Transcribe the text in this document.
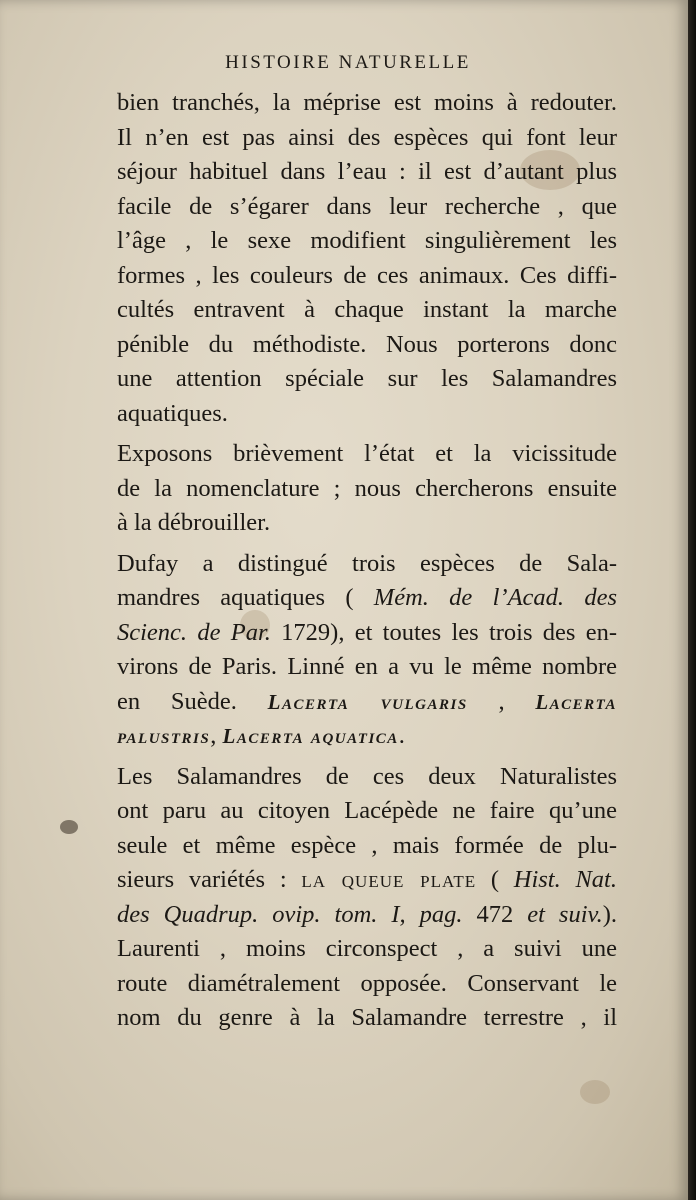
HISTOIRE NATURELLE
bien tranchés, la méprise est moins à redouter.
Il n’en est pas ainsi des espèces qui font leur
séjour habituel dans l’eau : il est d’autant plus
facile de s’égarer dans leur recherche , que
l’âge , le sexe modifient singulièrement les
formes , les couleurs de ces animaux. Ces diffi-
cultés entravent à chaque instant la marche
pénible du méthodiste. Nous porterons donc
une attention spéciale sur les Salamandres
aquatiques.
Exposons brièvement l’état et la vicissitude
de la nomenclature ; nous chercherons ensuite
à la débrouiller.
Dufay a distingué trois espèces de Sala-
mandres aquatiques ( Mém. de l’Acad. des
Scienc. de Par. 1729), et toutes les trois des en-
virons de Paris. Linné en a vu le même nombre
en Suède. Lacerta vulgaris , Lacerta
palustris, Lacerta aquatica.
Les Salamandres de ces deux Naturalistes
ont paru au citoyen Lacépède ne faire qu’une
seule et même espèce , mais formée de plu-
sieurs variétés : la queue plate ( Hist. Nat.
des Quadrup. ovip. tom. I, pag. 472 et suiv.).
Laurenti , moins circonspect , a suivi une
route diamétralement opposée. Conservant le
nom du genre à la Salamandre terrestre , il
